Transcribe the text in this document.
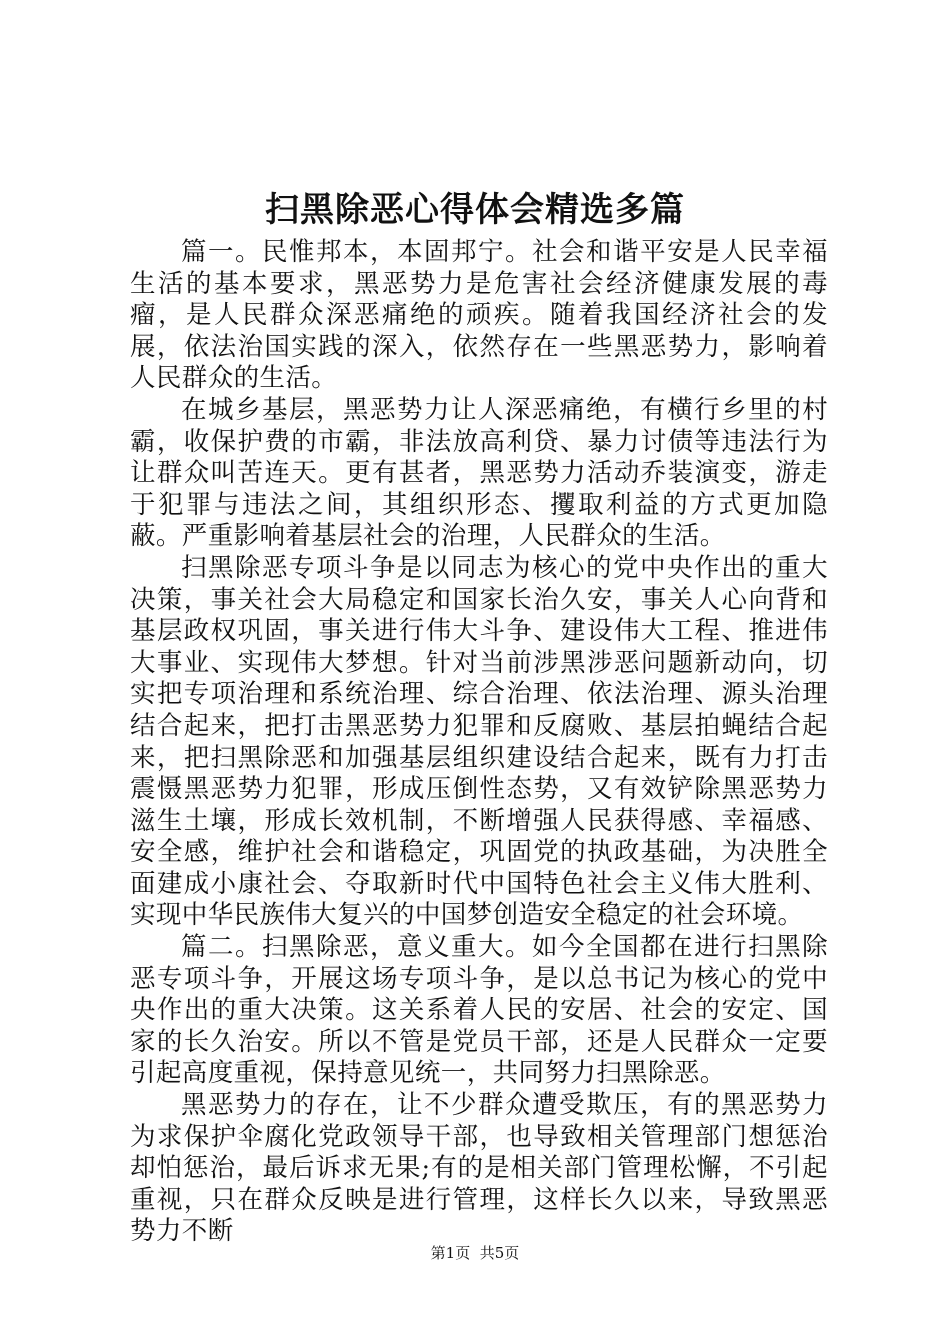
扫黑除恶心得体会精选多篇

篇一。民惟邦本，本固邦宁。社会和谐平安是人民幸福生活的基本要求，黑恶势力是危害社会经济健康发展的毒瘤，是人民群众深恶痛绝的顽疾。随着我国经济社会的发展，依法治国实践的深入，依然存在一些黑恶势力，影响着人民群众的生活。

在城乡基层，黑恶势力让人深恶痛绝，有横行乡里的村霸，收保护费的市霸，非法放高利贷、暴力讨债等违法行为让群众叫苦连天。更有甚者，黑恶势力活动乔装演变，游走于犯罪与违法之间，其组织形态、攫取利益的方式更加隐蔽。严重影响着基层社会的治理，人民群众的生活。

扫黑除恶专项斗争是以同志为核心的党中央作出的重大决策，事关社会大局稳定和国家长治久安，事关人心向背和基层政权巩固，事关进行伟大斗争、建设伟大工程、推进伟大事业、实现伟大梦想。针对当前涉黑涉恶问题新动向，切实把专项治理和系统治理、综合治理、依法治理、源头治理结合起来，把打击黑恶势力犯罪和反腐败、基层拍蝇结合起来，把扫黑除恶和加强基层组织建设结合起来，既有力打击震慑黑恶势力犯罪，形成压倒性态势，又有效铲除黑恶势力滋生土壤，形成长效机制，不断增强人民获得感、幸福感、安全感，维护社会和谐稳定，巩固党的执政基础，为决胜全面建成小康社会、夺取新时代中国特色社会主义伟大胜利、实现中华民族伟大复兴的中国梦创造安全稳定的社会环境。

篇二。扫黑除恶，意义重大。如今全国都在进行扫黑除恶专项斗争，开展这场专项斗争，是以总书记为核心的党中央作出的重大决策。这关系着人民的安居、社会的安定、国家的长久治安。所以不管是党员干部，还是人民群众一定要引起高度重视，保持意见统一，共同努力扫黑除恶。

黑恶势力的存在，让不少群众遭受欺压，有的黑恶势力为求保护伞腐化党政领导干部，也导致相关管理部门想惩治却怕惩治，最后诉求无果;有的是相关部门管理松懈，不引起重视，只在群众反映是进行管理，这样长久以来，导致黑恶势力不断

第1页 共5页
